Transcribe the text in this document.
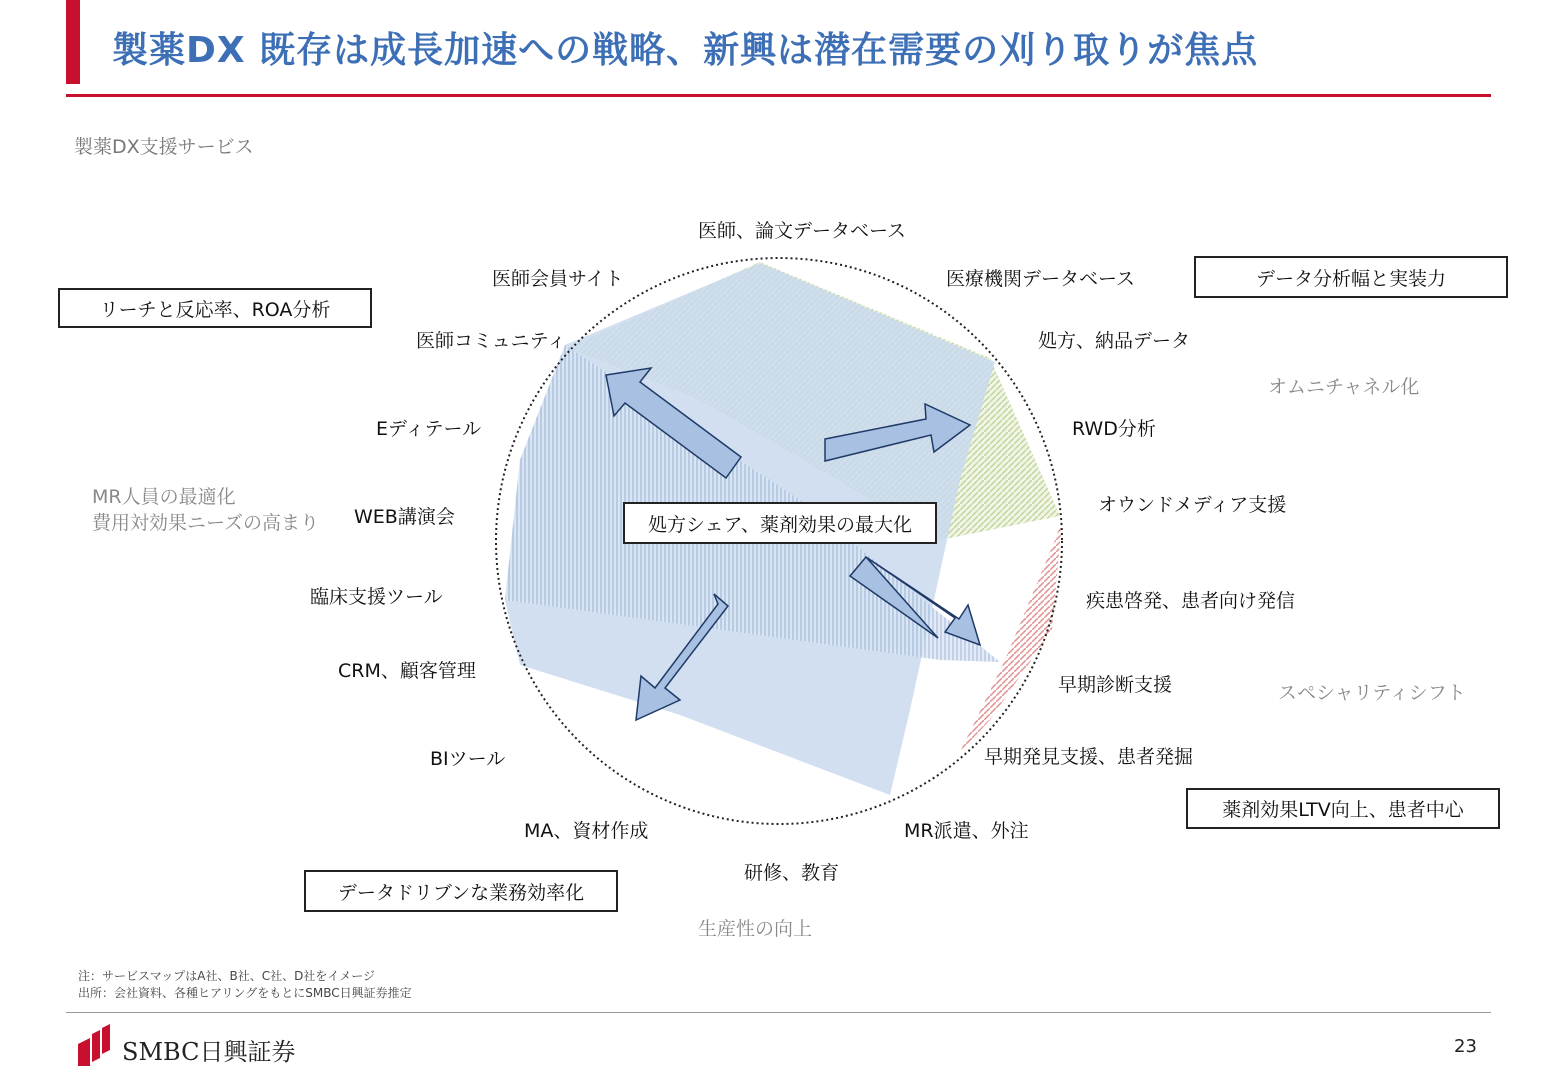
製薬DX 既存は成長加速への戦略、新興は潜在需要の刈り取りが焦点
製薬DX支援サービス
医師、論文データベース
医師会員サイト
医師コミュニティ
Eディテール
WEB講演会
臨床支援ツール
CRM、顧客管理
BIツール
MA、資材作成
研修、教育
MR派遣、外注
早期発見支援、患者発掘
早期診断支援
疾患啓発、患者向け発信
オウンドメディア支援
RWD分析
処方、納品データ
医療機関データベース
オムニチャネル化
MR人員の最適化
費用対効果ニーズの高まり
スペシャリティシフト
生産性の向上
リーチと反応率、ROA分析
データ分析幅と実装力
処方シェア、薬剤効果の最大化
薬剤効果LTV向上、患者中心
データドリブンな業務効率化
注：サービスマップはA社、B社、C社、D社をイメージ
出所：会社資料、各種ヒアリングをもとにSMBC日興証券推定
SMBC日興証券	23
